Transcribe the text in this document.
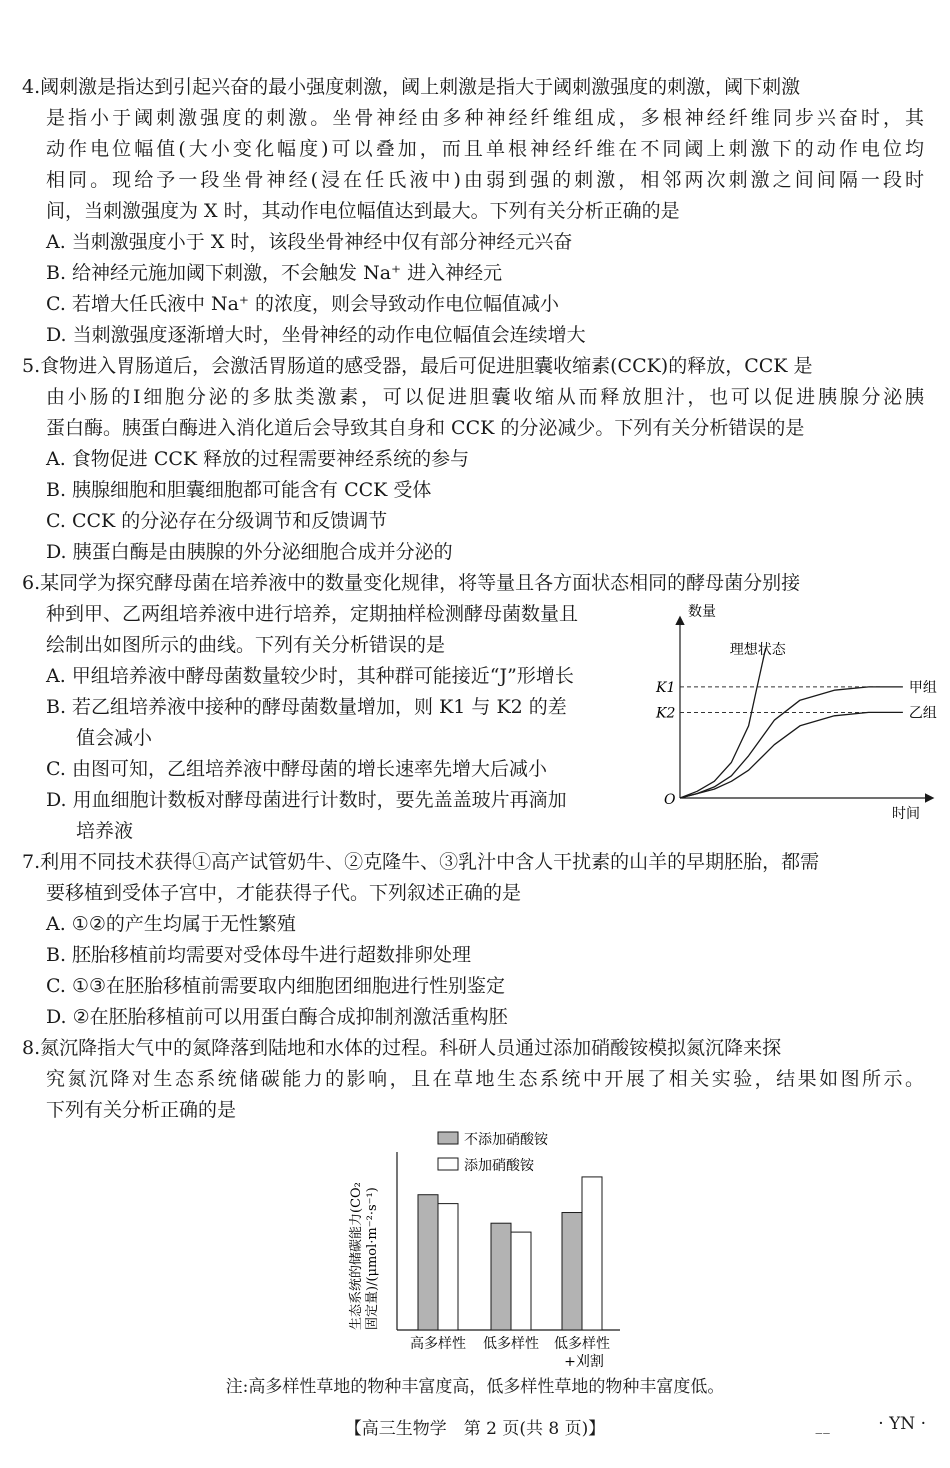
4.阈刺激是指达到引起兴奋的最小强度刺激，阈上刺激是指大于阈刺激强度的刺激，阈下刺激
是指小于阈刺激强度的刺激。坐骨神经由多种神经纤维组成，多根神经纤维同步兴奋时，其
动作电位幅值(大小变化幅度)可以叠加，而且单根神经纤维在不同阈上刺激下的动作电位均
相同。现给予一段坐骨神经(浸在任氏液中)由弱到强的刺激，相邻两次刺激之间间隔一段时
间，当刺激强度为 X 时，其动作电位幅值达到最大。下列有关分析正确的是
A. 当刺激强度小于 X 时，该段坐骨神经中仅有部分神经元兴奋
B. 给神经元施加阈下刺激，不会触发 Na⁺ 进入神经元
C. 若增大任氏液中 Na⁺ 的浓度，则会导致动作电位幅值减小
D. 当刺激强度逐渐增大时，坐骨神经的动作电位幅值会连续增大
5.食物进入胃肠道后，会激活胃肠道的感受器，最后可促进胆囊收缩素(CCK)的释放，CCK 是
由小肠的Ⅰ细胞分泌的多肽类激素，可以促进胆囊收缩从而释放胆汁，也可以促进胰腺分泌胰
蛋白酶。胰蛋白酶进入消化道后会导致其自身和 CCK 的分泌减少。下列有关分析错误的是
A. 食物促进 CCK 释放的过程需要神经系统的参与
B. 胰腺细胞和胆囊细胞都可能含有 CCK 受体
C. CCK 的分泌存在分级调节和反馈调节
D. 胰蛋白酶是由胰腺的外分泌细胞合成并分泌的
6.某同学为探究酵母菌在培养液中的数量变化规律，将等量且各方面状态相同的酵母菌分别接
种到甲、乙两组培养液中进行培养，定期抽样检测酵母菌数量且
绘制出如图所示的曲线。下列有关分析错误的是
A. 甲组培养液中酵母菌数量较少时，其种群可能接近“J”形增长
B. 若乙组培养液中接种的酵母菌数量增加，则 K1 与 K2 的差
值会减小
C. 由图可知，乙组培养液中酵母菌的增长速率先增大后减小
D. 用血细胞计数板对酵母菌进行计数时，要先盖盖玻片再滴加
培养液
数量
时间
O
K1
K2
理想状态
甲组
乙组
7.利用不同技术获得①高产试管奶牛、②克隆牛、③乳汁中含人干扰素的山羊的早期胚胎，都需
要移植到受体子宫中，才能获得子代。下列叙述正确的是
A. ①②的产生均属于无性繁殖
B. 胚胎移植前均需要对受体母牛进行超数排卵处理
C. ①③在胚胎移植前需要取内细胞团细胞进行性别鉴定
D. ②在胚胎移植前可以用蛋白酶合成抑制剂激活重构胚
8.氮沉降指大气中的氮降落到陆地和水体的过程。科研人员通过添加硝酸铵模拟氮沉降来探
究氮沉降对生态系统储碳能力的影响，且在草地生态系统中开展了相关实验，结果如图所示。
下列有关分析正确的是
不添加硝酸铵
添加硝酸铵
生态系统的储碳能力(CO₂ 固定量)/(μmol·m⁻²·s⁻¹)
高多样性 低多样性 低多样性
+刈割
注:高多样性草地的物种丰富度高，低多样性草地的物种丰富度低。
【高三生物学　第 2 页(共 8 页)】	‒‒	· YN ·
